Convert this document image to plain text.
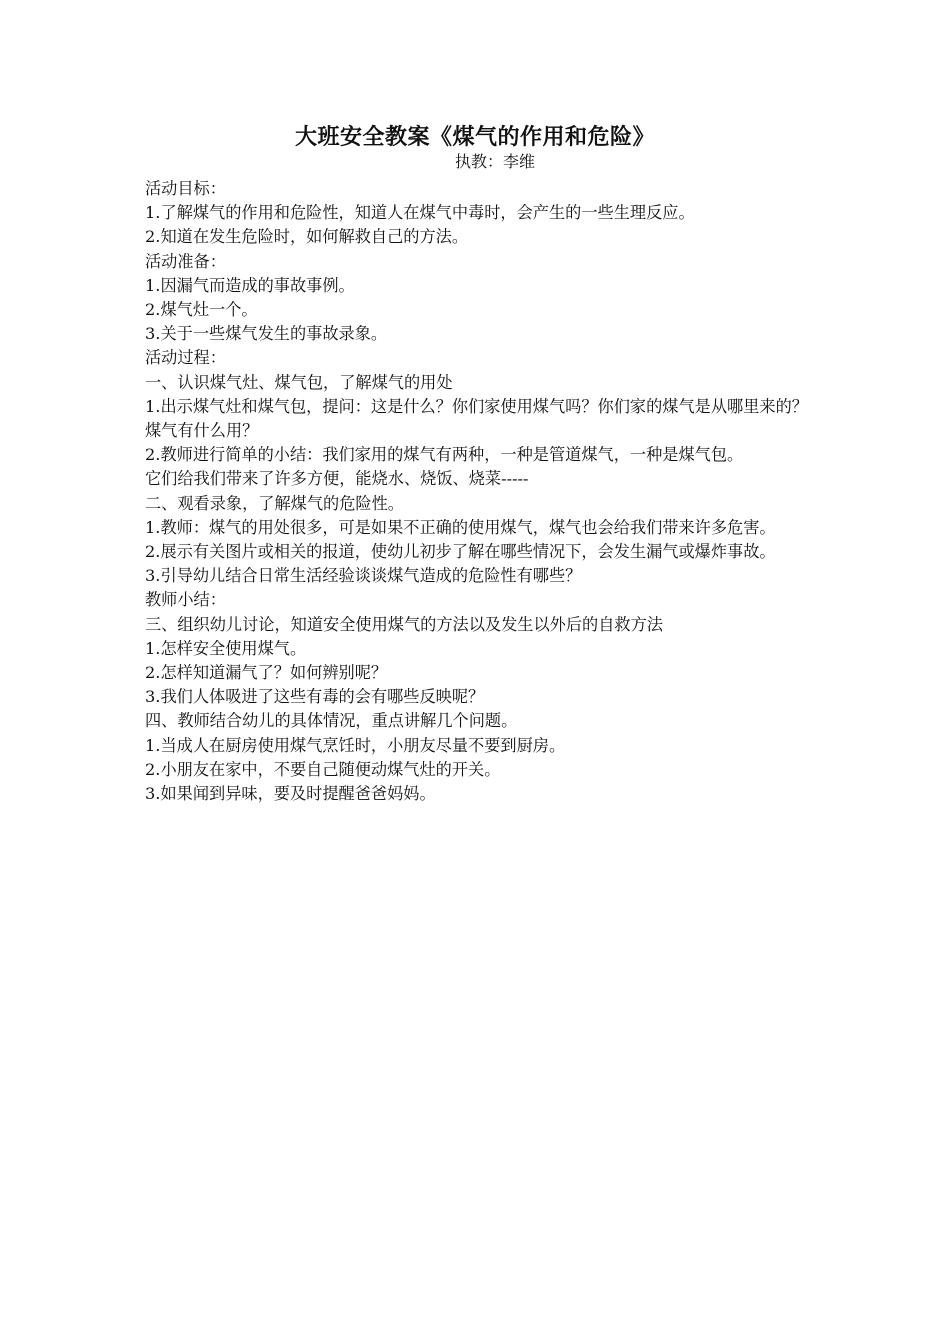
大班安全教案《煤气的作用和危险》
执教：李维

活动目标：

1.了解煤气的作用和危险性，知道人在煤气中毒时，会产生的一些生理反应。

2.知道在发生危险时，如何解救自己的方法。

活动准备：

1.因漏气而造成的事故事例。

2.煤气灶一个。

3.关于一些煤气发生的事故录象。

活动过程：

一、认识煤气灶、煤气包，了解煤气的用处

1.出示煤气灶和煤气包，提问：这是什么？你们家使用煤气吗？你们家的煤气是从哪里来的？煤气有什么用？

2.教师进行简单的小结：我们家用的煤气有两种，一种是管道煤气，一种是煤气包。

它们给我们带来了许多方便，能烧水、烧饭、烧菜-----

二、观看录象，了解煤气的危险性。

1.教师：煤气的用处很多，可是如果不正确的使用煤气，煤气也会给我们带来许多危害。

2.展示有关图片或相关的报道，使幼儿初步了解在哪些情况下，会发生漏气或爆炸事故。

3.引导幼儿结合日常生活经验谈谈煤气造成的危险性有哪些？

教师小结：

三、组织幼儿讨论，知道安全使用煤气的方法以及发生以外后的自救方法

1.怎样安全使用煤气。

2.怎样知道漏气了？如何辨别呢？

3.我们人体吸进了这些有毒的会有哪些反映呢？

四、教师结合幼儿的具体情况，重点讲解几个问题。

1.当成人在厨房使用煤气烹饪时，小朋友尽量不要到厨房。

2.小朋友在家中，不要自己随便动煤气灶的开关。

3.如果闻到异味，要及时提醒爸爸妈妈。
